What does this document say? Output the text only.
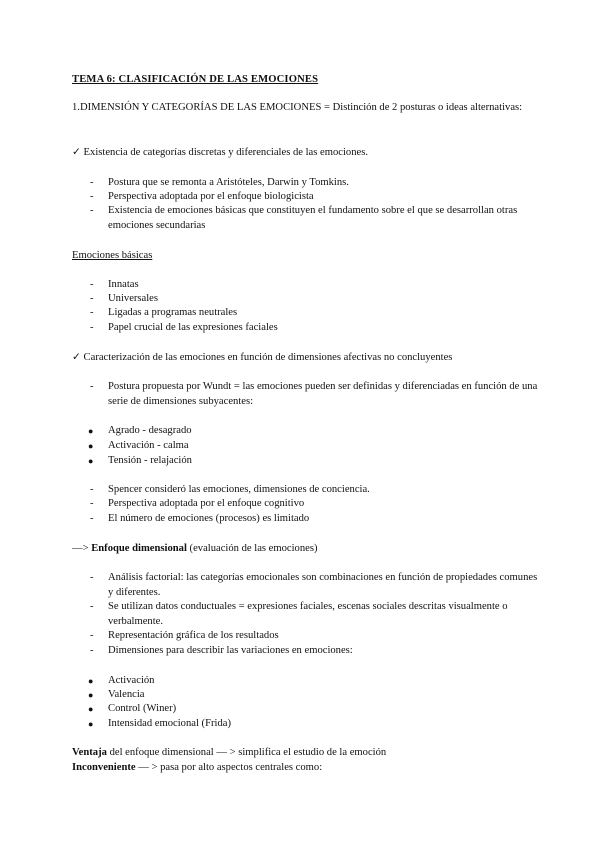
TEMA 6: CLASIFICACIÓN DE LAS EMOCIONES
1.DIMENSIÓN Y CATEGORÍAS DE LAS EMOCIONES = Distinción de 2 posturas o ideas alternativas:
✓ Existencia de categorías discretas y diferenciales de las emociones.
- Postura que se remonta a Aristóteles, Darwin y Tomkins.
- Perspectiva adoptada por el enfoque biologicista
- Existencia de emociones básicas que constituyen el fundamento sobre el que se desarrollan otras emociones secundarias
Emociones básicas
- Innatas
- Universales
- Ligadas a programas neutrales
- Papel crucial de las expresiones faciales
✓ Caracterización de las emociones en función de dimensiones afectivas no concluyentes
- Postura propuesta por Wundt = las emociones pueden ser definidas y diferenciadas en función de una serie de dimensiones subyacentes:
● Agrado - desagrado
● Activación - calma
● Tensión - relajación
- Spencer consideró las emociones, dimensiones de conciencia.
- Perspectiva adoptada por el enfoque cognitivo
- El número de emociones (procesos) es limitado
—> Enfoque dimensional (evaluación de las emociones)
- Análisis factorial: las categorías emocionales son combinaciones en función de propiedades comunes y diferentes.
- Se utilizan datos conductuales = expresiones faciales, escenas sociales descritas visualmente o verbalmente.
- Representación gráfica de los resultados
- Dimensiones para describir las variaciones en emociones:
● Activación
● Valencia
● Control (Winer)
● Intensidad emocional (Frida)
Ventaja del enfoque dimensional — > simplifica el estudio de la emoción
Inconveniente — > pasa por alto aspectos centrales como:
